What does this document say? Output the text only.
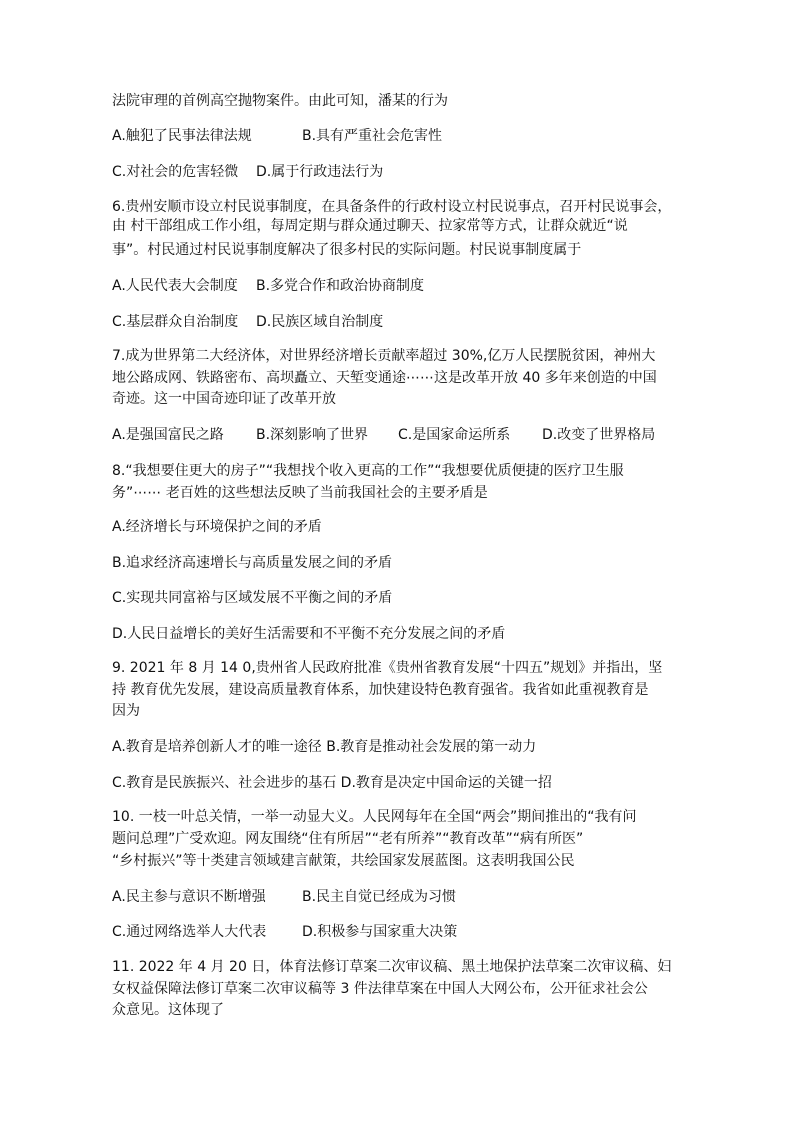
法院审理的首例高空抛物案件。由此可知，潘某的行为
A.触犯了民事法律法规	B.具有严重社会危害性
C.对社会的危害轻微 D.属于行政违法行为
6.贵州安顺市设立村民说事制度，在具备条件的行政村设立村民说事点，召开村民说事会，
由 村干部组成工作小组，每周定期与群众通过聊天、拉家常等方式，让群众就近“说
事”。村民通过村民说事制度解决了很多村民的实际问题。村民说事制度属于
A.人民代表大会制度 B.多党合作和政治协商制度
C.基层群众自治制度 D.民族区域自治制度
7.成为世界第二大经济体，对世界经济增长贡献率超过 30%,亿万人民摆脱贫困，神州大
地公路成网、铁路密布、高坝矗立、天堑变通途⋯⋯这是改革开放 40 多年来创造的中国
奇迹。这一中国奇迹印证了改革开放
A.是强国富民之路 B.深刻影响了世界 C.是国家命运所系 D.改变了世界格局
8.“我想要住更大的房子”“我想找个收入更高的工作”“我想要优质便捷的医疗卫生服
务”⋯⋯ 老百姓的这些想法反映了当前我国社会的主要矛盾是
A.经济增长与环境保护之间的矛盾
B.追求经济高速增长与高质量发展之间的矛盾
C.实现共同富裕与区域发展不平衡之间的矛盾
D.人民日益增长的美好生活需要和不平衡不充分发展之间的矛盾
9. 2021 年 8 月 14 0,贵州省人民政府批准《贵州省教育发展“十四五”规划》并指出，坚
持 教育优先发展，建设高质量教育体系，加快建设特色教育强省。我省如此重视教育是
因为
A.教育是培养创新人才的唯一途径 B.教育是推动社会发展的第一动力
C.教育是民族振兴、社会进步的基石 D.教育是决定中国命运的关键一招
10. 一枝一叶总关情，一举一动显大义。人民网每年在全国“两会”期间推出的“我有问
题问总理”广受欢迎。网友围绕“住有所居”“老有所养”“教育改革”“病有所医”
“乡村振兴”等十类建言领域建言献策，共绘国家发展蓝图。这表明我国公民
A.民主参与意识不断增强	B.民主自觉已经成为习惯
C.通过网络选举人大代表	D.积极参与国家重大决策
11. 2022 年 4 月 20 日，体育法修订草案二次审议稿、黑土地保护法草案二次审议稿、妇
女权益保障法修订草案二次审议稿等 3 件法律草案在中国人大网公布，公开征求社会公
众意见。这体现了
